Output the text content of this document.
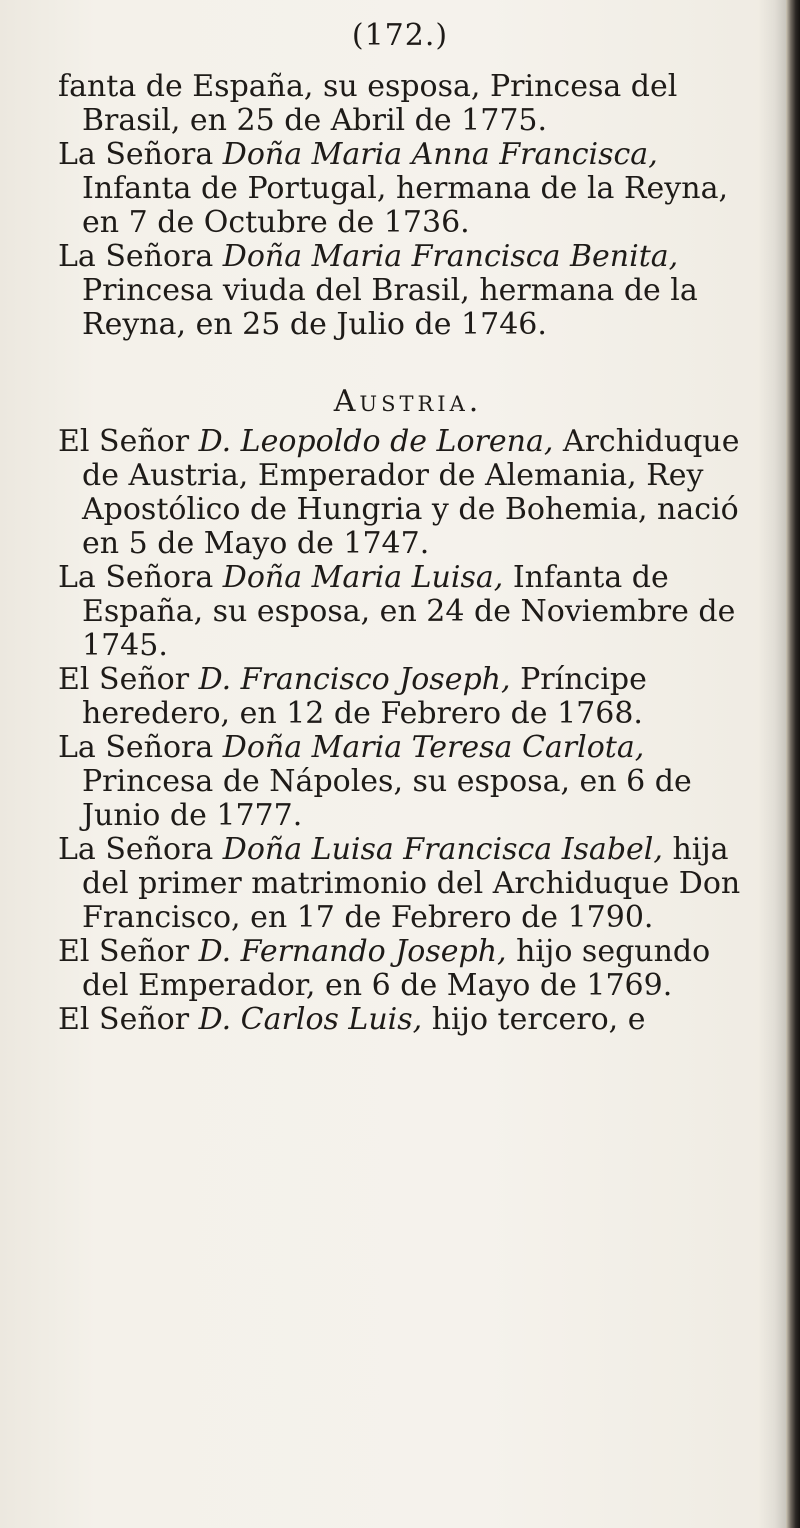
(172.)

fanta de España, su esposa, Princesa del Brasil, en 25 de Abril de 1775.

La Señora Doña Maria Anna Francisca, Infanta de Portugal, hermana de la Reyna, en 7 de Octubre de 1736.

La Señora Doña Maria Francisca Benita, Princesa viuda del Brasil, hermana de la Reyna, en 25 de Julio de 1746.

Austria.

El Señor D. Leopoldo de Lorena, Archiduque de Austria, Emperador de Alemania, Rey Apostólico de Hungria y de Bohemia, nació en 5 de Mayo de 1747.

La Señora Doña Maria Luisa, Infanta de España, su esposa, en 24 de Noviembre de 1745.

El Señor D. Francisco Joseph, Príncipe heredero, en 12 de Febrero de 1768.

La Señora Doña Maria Teresa Carlota, Princesa de Nápoles, su esposa, en 6 de Junio de 1777.

La Señora Doña Luisa Francisca Isabel, hija del primer matrimonio del Archiduque Don Francisco, en 17 de Febrero de 1790.

El Señor D. Fernando Joseph, hijo segundo del Emperador, en 6 de Mayo de 1769.

El Señor D. Carlos Luis, hijo tercero, e
